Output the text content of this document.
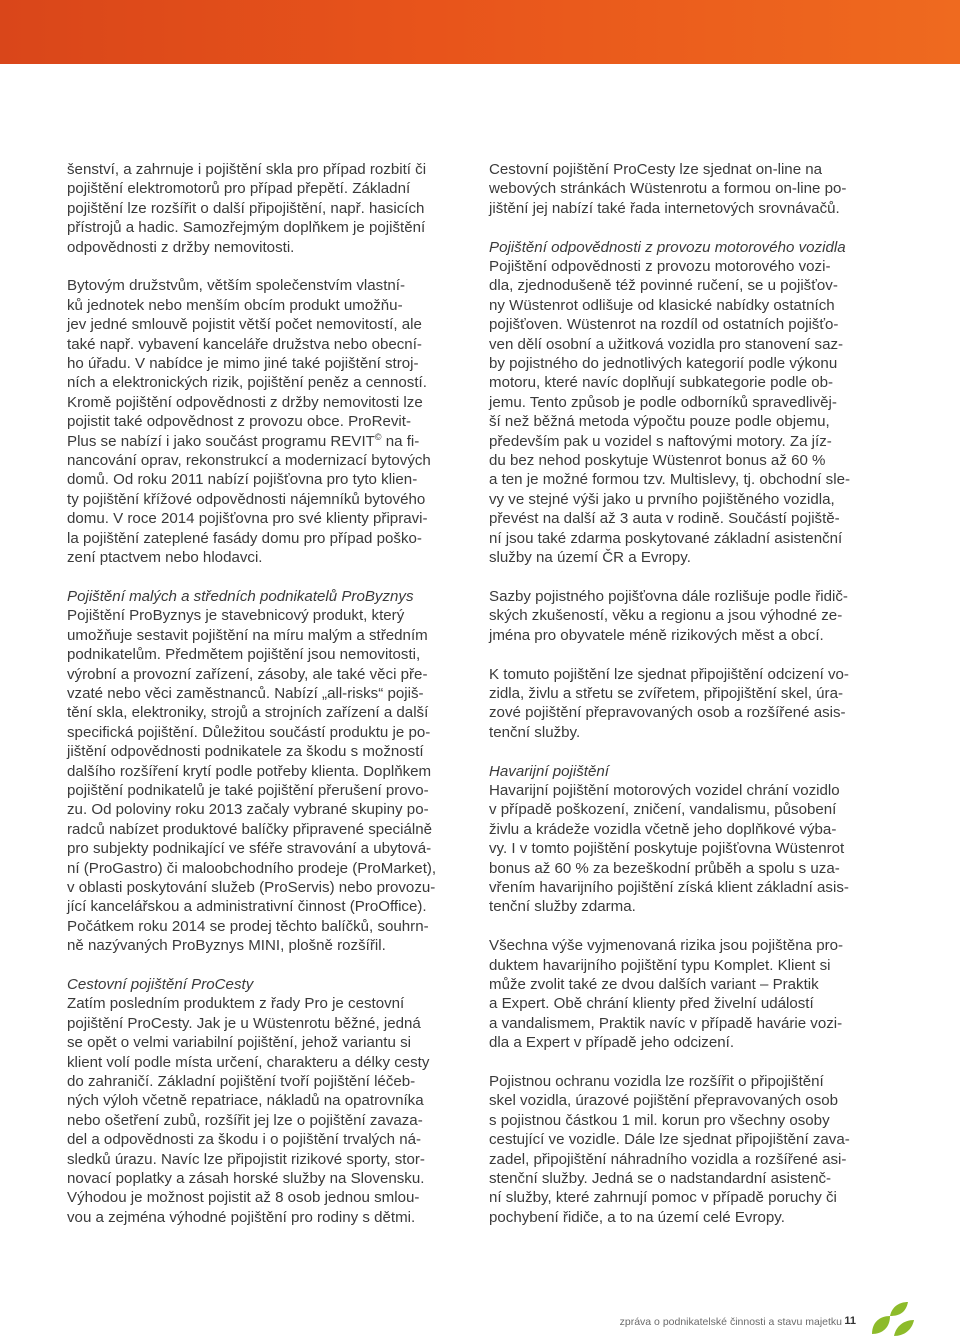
šenství, a zahrnuje i pojištění skla pro případ rozbití či
pojištění elektromotorů pro případ přepětí. Základní
pojištění lze rozšířit o další připojištění, např. hasicích
přístrojů a hadic. Samozřejmým doplňkem je pojištění
odpovědnosti z držby nemovitosti.
Bytovým družstvům, větším společenstvím vlastní-
ků jednotek nebo menším obcím produkt umožňu-
jev jedné smlouvě pojistit větší počet nemovitostí, ale
také např. vybavení kanceláře družstva nebo obecní-
ho úřadu. V nabídce je mimo jiné také pojištění stroj-
ních a elektronických rizik, pojištění peněz a cenností.
Kromě pojištění odpovědnosti z držby nemovitosti lze
pojistit také odpovědnost z provozu obce. ProRevit-
Plus se nabízí i jako součást programu REVIT© na fi-
nancování oprav, rekonstrukcí a modernizací bytových
domů. Od roku 2011 nabízí pojišťovna pro tyto klien-
ty pojištění křížové odpovědnosti nájemníků bytového
domu. V roce 2014 pojišťovna pro své klienty připravi-
la pojištění zateplené fasády domu pro případ poško-
zení ptactvem nebo hlodavci.
Pojištění malých a středních podnikatelů ProByznys
Pojištění ProByznys je stavebnicový produkt, který
umožňuje sestavit pojištění na míru malým a středním
podnikatelům. Předmětem pojištění jsou nemovitosti,
výrobní a provozní zařízení, zásoby, ale také věci pře-
vzaté nebo věci zaměstnanců. Nabízí „all-risks“ pojiš-
tění skla, elektroniky, strojů a strojních zařízení a další
specifická pojištění. Důležitou součástí produktu je po-
jištění odpovědnosti podnikatele za škodu s možností
dalšího rozšíření krytí podle potřeby klienta. Doplňkem
pojištění podnikatelů je také pojištění přerušení provo-
zu. Od poloviny roku 2013 začaly vybrané skupiny po-
radců nabízet produktové balíčky připravené speciálně
pro subjekty podnikající ve sféře stravování a ubytová-
ní (ProGastro) či maloobchodního prodeje (ProMarket),
v oblasti poskytování služeb (ProServis) nebo provozu-
jící kancelářskou a administrativní činnost (ProOffice).
Počátkem roku 2014 se prodej těchto balíčků, souhrn-
ně nazývaných ProByznys MINI, plošně rozšířil.
Cestovní pojištění ProCesty
Zatím posledním produktem z řady Pro je cestovní
pojištění ProCesty. Jak je u Wüstenrotu běžné, jedná
se opět o velmi variabilní pojištění, jehož variantu si
klient volí podle místa určení, charakteru a délky cesty
do zahraničí. Základní pojištění tvoří pojištění léčeb-
ných výloh včetně repatriace, nákladů na opatrovníka
nebo ošetření zubů, rozšířit jej lze o pojištění zavaza-
del a odpovědnosti za škodu i o pojištění trvalých ná-
sledků úrazu. Navíc lze připojistit rizikové sporty, stor-
novací poplatky a zásah horské služby na Slovensku.
Výhodou je možnost pojistit až 8 osob jednou smlou-
vou a zejména výhodné pojištění pro rodiny s dětmi.
Cestovní pojištění ProCesty lze sjednat on-line na
webových stránkách Wüstenrotu a formou on-line po-
jištění jej nabízí také řada internetových srovnávačů.
Pojištění odpovědnosti z provozu motorového vozidla
Pojištění odpovědnosti z provozu motorového vozi-
dla, zjednodušeně též povinné ručení, se u pojišťov-
ny Wüstenrot odlišuje od klasické nabídky ostatních
pojišťoven. Wüstenrot na rozdíl od ostatních pojišťo-
ven dělí osobní a užitková vozidla pro stanovení saz-
by pojistného do jednotlivých kategorií podle výkonu
motoru, které navíc doplňují subkategorie podle ob-
jemu. Tento způsob je podle odborníků spravedlivěj-
ší než běžná metoda výpočtu pouze podle objemu,
především pak u vozidel s naftovými motory. Za jíz-
du bez nehod poskytuje Wüstenrot bonus až 60 %
a ten je možné formou tzv. Multislevy, tj. obchodní sle-
vy ve stejné výši jako u prvního pojištěného vozidla,
převést na další až 3 auta v rodině. Součástí pojiště-
ní jsou také zdarma poskytované základní asistenční
služby na území ČR a Evropy.
Sazby pojistného pojišťovna dále rozlišuje podle řidič-
ských zkušeností, věku a regionu a jsou výhodné ze-
jména pro obyvatele méně rizikových měst a obcí.
K tomuto pojištění lze sjednat připojištění odcizení vo-
zidla, živlu a střetu se zvířetem, připojištění skel, úra-
zové pojištění přepravovaných osob a rozšířené asis-
tenční služby.
Havarijní pojištění
Havarijní pojištění motorových vozidel chrání vozidlo
v případě poškození, zničení, vandalismu, působení
živlu a krádeže vozidla včetně jeho doplňkové výba-
vy. I v tomto pojištění poskytuje pojišťovna Wüstenrot
bonus až 60 % za bezeškodní průběh a spolu s uza-
vřením havarijního pojištění získá klient základní asis-
tenční služby zdarma.
Všechna výše vyjmenovaná rizika jsou pojištěna pro-
duktem havarijního pojištění typu Komplet. Klient si
může zvolit také ze dvou dalších variant – Praktik
a Expert. Obě chrání klienty před živelní událostí
a vandalismem, Praktik navíc v případě havárie vozi-
dla a Expert v případě jeho odcizení.
Pojistnou ochranu vozidla lze rozšířit o připojištění
skel vozidla, úrazové pojištění přepravovaných osob
s pojistnou částkou 1 mil. korun pro všechny osoby
cestující ve vozidle. Dále lze sjednat připojištění zava-
zadel, připojištění náhradního vozidla a rozšířené asi-
stenční služby. Jedná se o nadstandardní asistenč-
ní služby, které zahrnují pomoc v případě poruchy či
pochybení řidiče, a to na území celé Evropy.
zpráva o podnikatelské činnosti a stavu majetku 11
